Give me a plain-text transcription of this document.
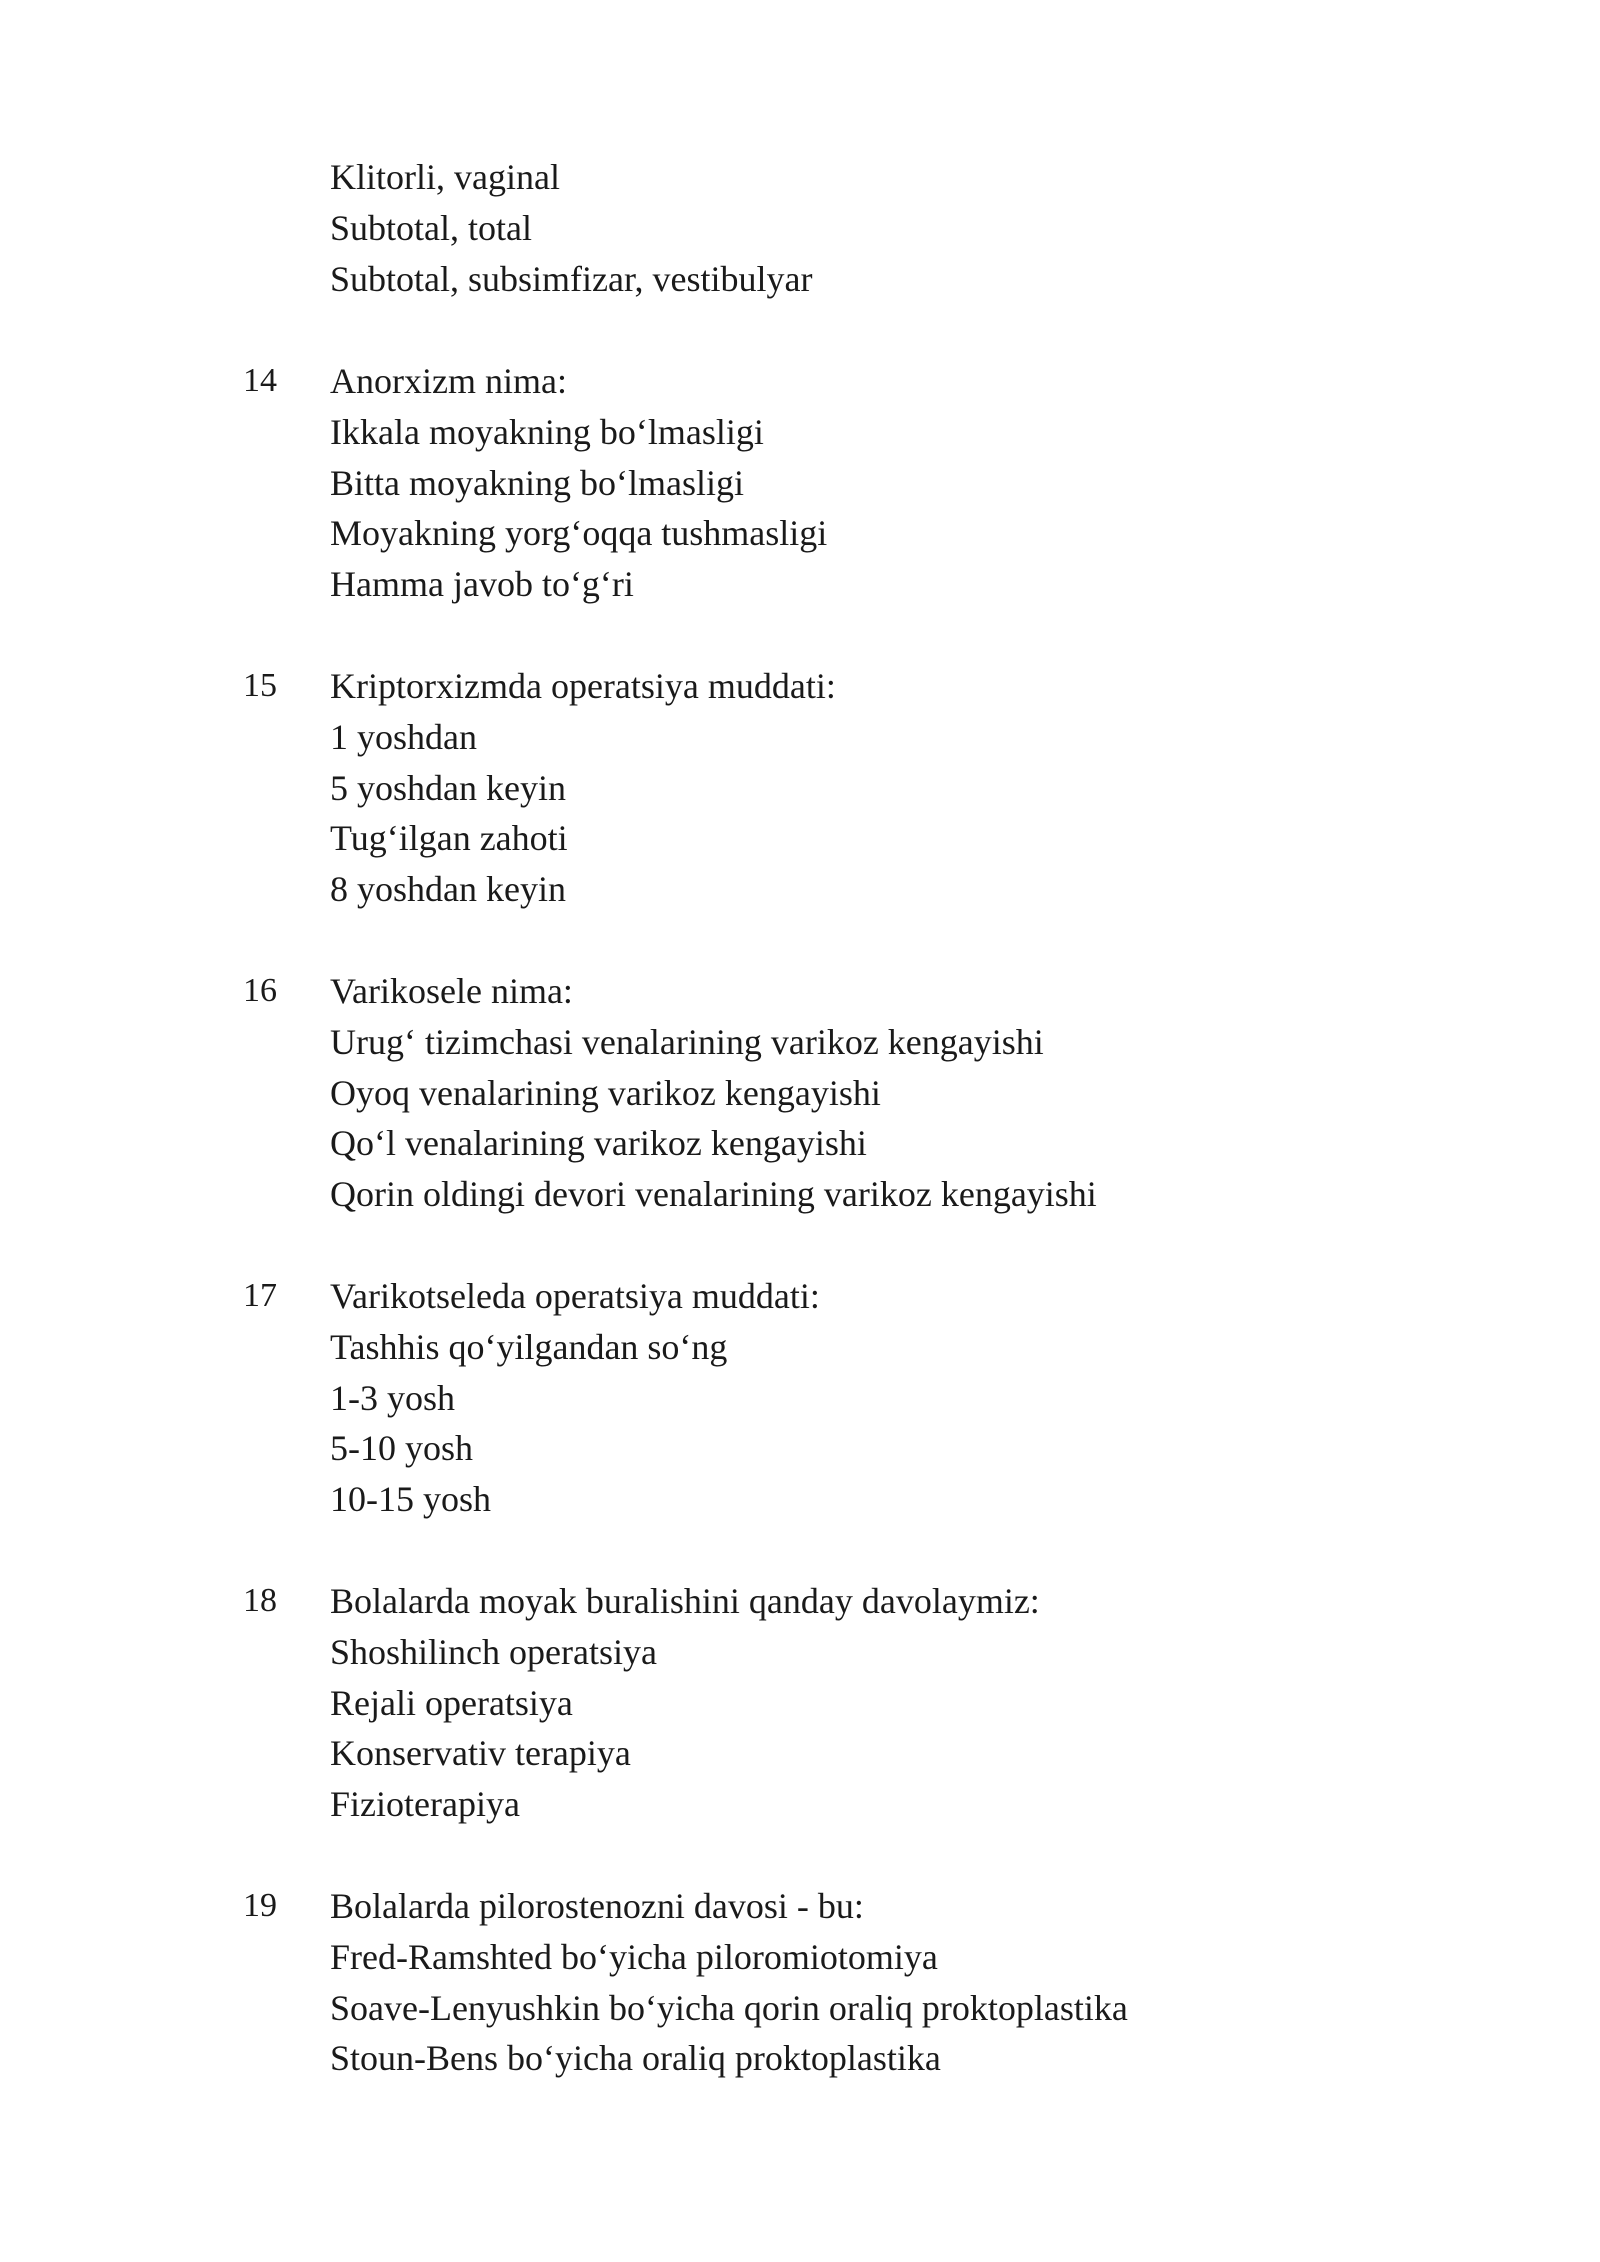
Klitorli, vaginal
Subtotal, total
Subtotal, subsimfizar, vestibulyar
14	Anorxizm nima:
Ikkala moyakning bo‘lmasligi
Bitta moyakning bo‘lmasligi
Moyakning yorg‘oqqa tushmasligi
Hamma javob to‘g‘ri
15	Kriptorxizmda operatsiya muddati:
1 yoshdan
5 yoshdan keyin
Tug‘ilgan zahoti
8 yoshdan keyin
16	Varikosele nima:
Urug‘ tizimchasi venalarining varikoz kengayishi
Oyoq venalarining varikoz kengayishi
Qo‘l venalarining varikoz kengayishi
Qorin oldingi devori venalarining varikoz kengayishi
17	Varikotseleda operatsiya muddati:
Tashhis qo‘yilgandan so‘ng
1-3 yosh
5-10 yosh
10-15 yosh
18	Bolalarda moyak buralishini qanday davolaymiz:
Shoshilinch operatsiya
Rejali operatsiya
Konservativ terapiya
Fizioterapiya
19	Bolalarda pilorostenozni davosi - bu:
Fred-Ramshted bo‘yicha piloromiotomiya
Soave-Lenyushkin bo‘yicha qorin oraliq proktoplastika
Stoun-Bens bo‘yicha oraliq proktoplastika
